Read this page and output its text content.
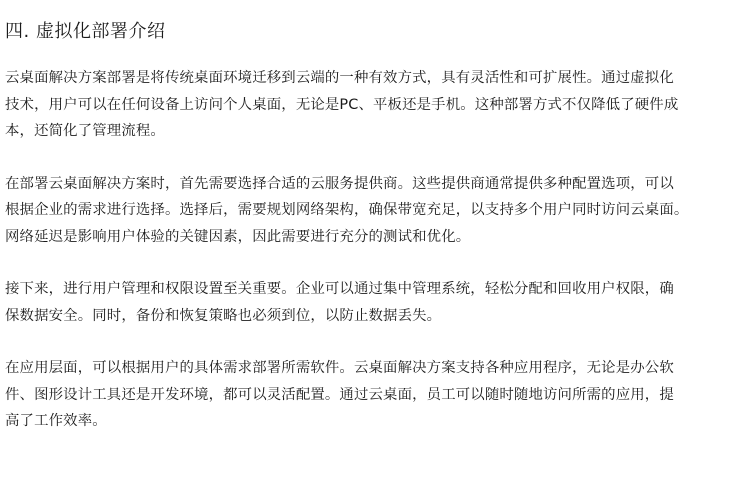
四. 虚拟化部署介绍

云桌面解决方案部署是将传统桌面环境迁移到云端的一种有效方式，具有灵活性和可扩展性。通过虚拟化
技术，用户可以在任何设备上访问个人桌面，无论是PC、平板还是手机。这种部署方式不仅降低了硬件成
本，还简化了管理流程。

在部署云桌面解决方案时，首先需要选择合适的云服务提供商。这些提供商通常提供多种配置选项，可以
根据企业的需求进行选择。选择后，需要规划网络架构，确保带宽充足，以支持多个用户同时访问云桌面。
网络延迟是影响用户体验的关键因素，因此需要进行充分的测试和优化。

接下来，进行用户管理和权限设置至关重要。企业可以通过集中管理系统，轻松分配和回收用户权限，确
保数据安全。同时，备份和恢复策略也必须到位，以防止数据丢失。

在应用层面，可以根据用户的具体需求部署所需软件。云桌面解决方案支持各种应用程序，无论是办公软
件、图形设计工具还是开发环境，都可以灵活配置。通过云桌面，员工可以随时随地访问所需的应用，提
高了工作效率。
